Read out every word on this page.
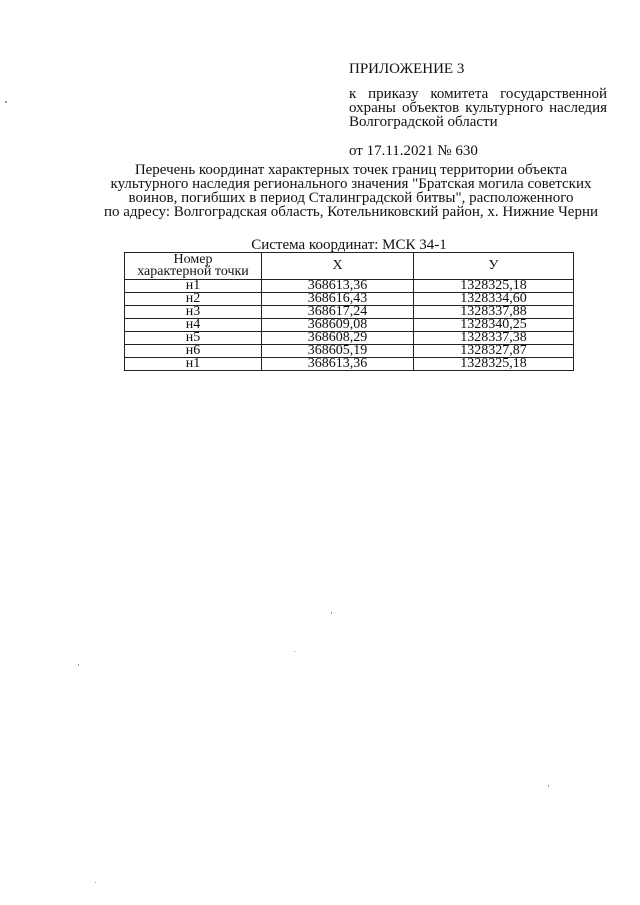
ПРИЛОЖЕНИЕ 3

к приказу комитета государственной охраны объектов культурного наследия Волгоградской области
от 17.11.2021 № 630
Перечень координат характерных точек границ территории объекта
культурного наследия регионального значения "Братская могила советских
воинов, погибших в период Сталинградской битвы", расположенного
по адресу: Волгоградская область, Котельниковский район, х. Нижние Черни
Система координат: МСК 34-1
Номер
характерной точки	Х	У
н1	368613,36	1328325,18
н2	368616,43	1328334,60
н3	368617,24	1328337,88
н4	368609,08	1328340,25
н5	368608,29	1328337,38
н6	368605,19	1328327,87
н1	368613,36	1328325,18
